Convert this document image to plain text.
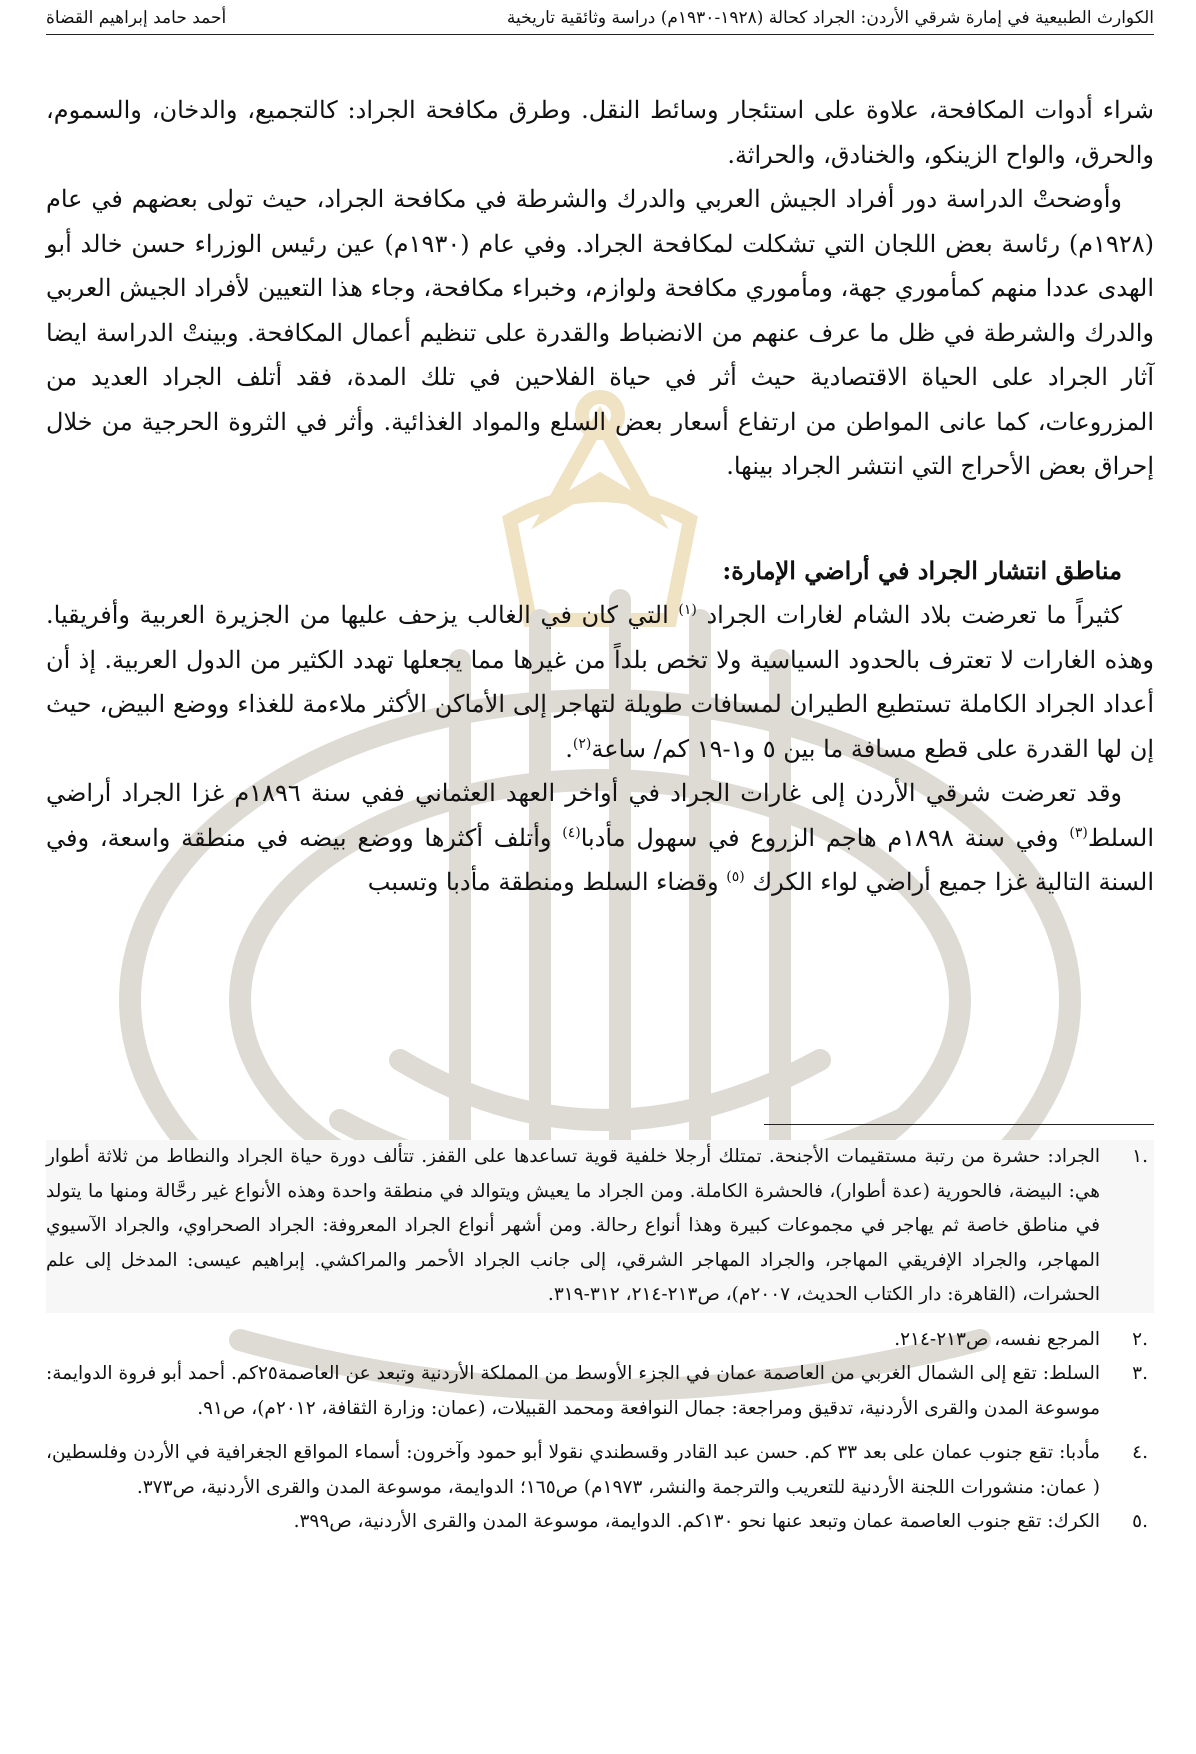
الكوارث الطبيعية في إمارة شرقي الأردن: الجراد كحالة (١٩٢٨-١٩٣٠م) دراسة وثائقية تاريخية
أحمد حامد إبراهيم القضاة

شراء أدوات المكافحة، علاوة على استئجار وسائط النقل. وطرق مكافحة الجراد: كالتجميع، والدخان، والسموم، والحرق، والواح الزينكو، والخنادق، والحراثة.

وأوضحتْ الدراسة دور أفراد الجيش العربي والدرك والشرطة في مكافحة الجراد، حيث تولى بعضهم في عام (١٩٢٨م) رئاسة بعض اللجان التي تشكلت لمكافحة الجراد. وفي عام (١٩٣٠م) عين رئيس الوزراء حسن خالد أبو الهدى عددا منهم كمأموري جهة، ومأموري مكافحة ولوازم، وخبراء مكافحة، وجاء هذا التعيين لأفراد الجيش العربي والدرك والشرطة في ظل ما عرف عنهم من الانضباط والقدرة على تنظيم أعمال المكافحة. وبينتْ الدراسة ايضا آثار الجراد على الحياة الاقتصادية حيث أثر في حياة الفلاحين في تلك المدة، فقد أتلف الجراد العديد من المزروعات، كما عانى المواطن من ارتفاع أسعار بعض السلع والمواد الغذائية. وأثر في الثروة الحرجية من خلال إحراق بعض الأحراج التي انتشر الجراد بينها.

مناطق انتشار الجراد في أراضي الإمارة:

كثيراً ما تعرضت بلاد الشام لغارات الجراد $^{(١)}$ التي كان في الغالب يزحف عليها من الجزيرة العربية وأفريقيا. وهذه الغارات لا تعترف بالحدود السياسية ولا تخص بلداً من غيرها مما يجعلها تهدد الكثير من الدول العربية. إذ أن أعداد الجراد الكاملة تستطيع الطيران لمسافات طويلة لتهاجر إلى الأماكن الأكثر ملاءمة للغذاء ووضع البيض، حيث إن لها القدرة على قطع مسافة ما بين ٥ و١-١٩ كم/ ساعة$^{(٢)}$.

وقد تعرضت شرقي الأردن إلى غارات الجراد في أواخر العهد العثماني ففي سنة ١٨٩٦م غزا الجراد أراضي السلط$^{(٣)}$ وفي سنة ١٨٩٨م هاجم الزروع في سهول مأدبا$^{(٤)}$ وأتلف أكثرها ووضع بيضه في منطقة واسعة، وفي السنة التالية غزا جميع أراضي لواء الكرك $^{(٥)}$ وقضاء السلط ومنطقة مأدبا وتسبب

.١
الجراد: حشرة من رتبة مستقيمات الأجنحة. تمتلك أرجلا خلفية قوية تساعدها على القفز. تتألف دورة حياة الجراد والنطاط من ثلاثة أطوار هي: البيضة، فالحورية (عدة أطوار)، فالحشرة الكاملة. ومن الجراد ما يعيش ويتوالد في منطقة واحدة وهذه الأنواع غير رحَّالة ومنها ما يتولد في مناطق خاصة ثم يهاجر في مجموعات كبيرة وهذا أنواع رحالة. ومن أشهر أنواع الجراد المعروفة: الجراد الصحراوي، والجراد الآسيوي المهاجر، والجراد الإفريقي المهاجر، والجراد المهاجر الشرقي، إلى جانب الجراد الأحمر والمراكشي. إبراهيم عيسى: المدخل إلى علم الحشرات، (القاهرة: دار الكتاب الحديث، ٢٠٠٧م)، ص٢١٣-٢١٤، ٣١٢-٣١٩.
.٢
المرجع نفسه، ص٢١٣-٢١٤.
.٣
السلط: تقع إلى الشمال الغربي من العاصمة عمان في الجزء الأوسط من المملكة الأردنية وتبعد عن العاصمة٢٥كم. أحمد أبو فروة الدوايمة: موسوعة المدن والقرى الأردنية، تدقيق ومراجعة: جمال النوافعة ومحمد القبيلات، (عمان: وزارة الثقافة، ٢٠١٢م)، ص٩١.
.٤
مأدبا: تقع جنوب عمان على بعد ٣٣ كم. حسن عبد القادر وقسطندي نقولا أبو حمود وآخرون: أسماء المواقع الجغرافية في الأردن وفلسطين، ( عمان: منشورات اللجنة الأردنية للتعريب والترجمة والنشر، ١٩٧٣م) ص١٦٥؛ الدوايمة، موسوعة المدن والقرى الأردنية، ص٣٧٣.
.٥
الكرك: تقع جنوب العاصمة عمان وتبعد عنها نحو ١٣٠كم. الدوايمة، موسوعة المدن والقرى الأردنية، ص٣٩٩.
